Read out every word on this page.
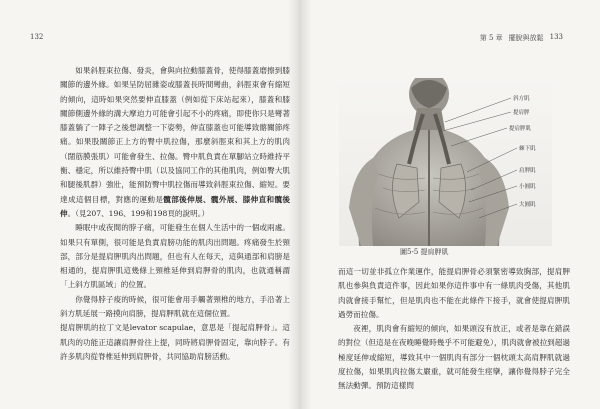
132	第 5 章 擺脫與放鬆 133

如果斜脛束拉傷、發炎，會與向拉動膝蓋骨，使得膝蓋磨擦到膝關節的邊外緣。如果呈防屈雜姿或膝蓋長時間彎曲，斜脛束會有縮短的傾向，這時如果突然要伸直膝蓋（例如從下床站起來），膝蓋和膝關節側邊外緣的溝大摩迫力可能會引起不小的疼痛，即使你只是彎著膝蓋躺了一陣子之後想調整一下姿勢，伸直膝蓋也可能導致髂關節疼痛。如果股關節正上方的臀中肌拉傷，那麼斜脛束和其上方的肌肉（闊筋膜張肌）可能會發生、拉傷。臀中肌負責在單腳站立時維持平衡、穩定，所以維持臀中肌（以及協同工作的其他肌肉，例如臀大肌和腿後肌群）強壯，能預防臀中肌拉傷而導致斜脛束拉傷、縮短。要達成這個目標，對應的運動是髖部後伸展、髖外展、膝伸直和髖後伸。（見207、196、199和198頁的說明。）

睡眠中或夜間的脖子痛，可能發生在個人生活中的一個或兩處。如果只有單側，很可能是負責肩膀功能的肌肉出問題。疼痛發生於頸部，部分是提肩胛肌肉出問題，但也有人在每天，這與通部和肩膀是相通的，提肩胛肌這幾條上頸椎延伸到肩胛骨的肌肉，也就通稱謂「上斜方肌區域」的位置。

你覺得脖子痠的時候，很可能會用手觸著頸椎的地方，手沿著上斜方肌延展一路摸向肩膀，提肩胛肌就在這個位置。

提肩胛肌的拉丁文是levator scapulae，意思是「提起肩胛骨」。這肌肉的功能正這讓肩胛骨往上提，同時將肩胛骨固定，靠向脖子。有許多肌肉從脊椎延伸到肩胛骨，共同協助肩膀活動。

斜方肌
提肩胛
提肩胛肌
棘下肌
肩胛肌
小圓肌
大圓肌
圖5-5 提肩胛肌

而這一切並非孤立作業運作，能提肩胛骨必須緊密導致胸部，提肩胛肌也參與負責這件事，因此如果你這件事中有一條肌肉受傷，其他肌肉就會接手幫忙，但是肌肉也不能在此條件下接手，就會使提肩胛肌過勞而拉傷。

夜裡，肌肉會有縮短的傾向，如果頭沒有放正，或者是靠在錯誤的對位（但這是在夜晚睡覺時幾乎不可能避免），肌肉就會被拉到超過極度延伸或縮短，導致其中一個肌肉有部分一個枕頭太高肩胛肌就過度拉傷，如果肌肉拉傷太嚴重，就可能發生痙攣，讓你覺得脖子完全無法動彈。預防這樣問
